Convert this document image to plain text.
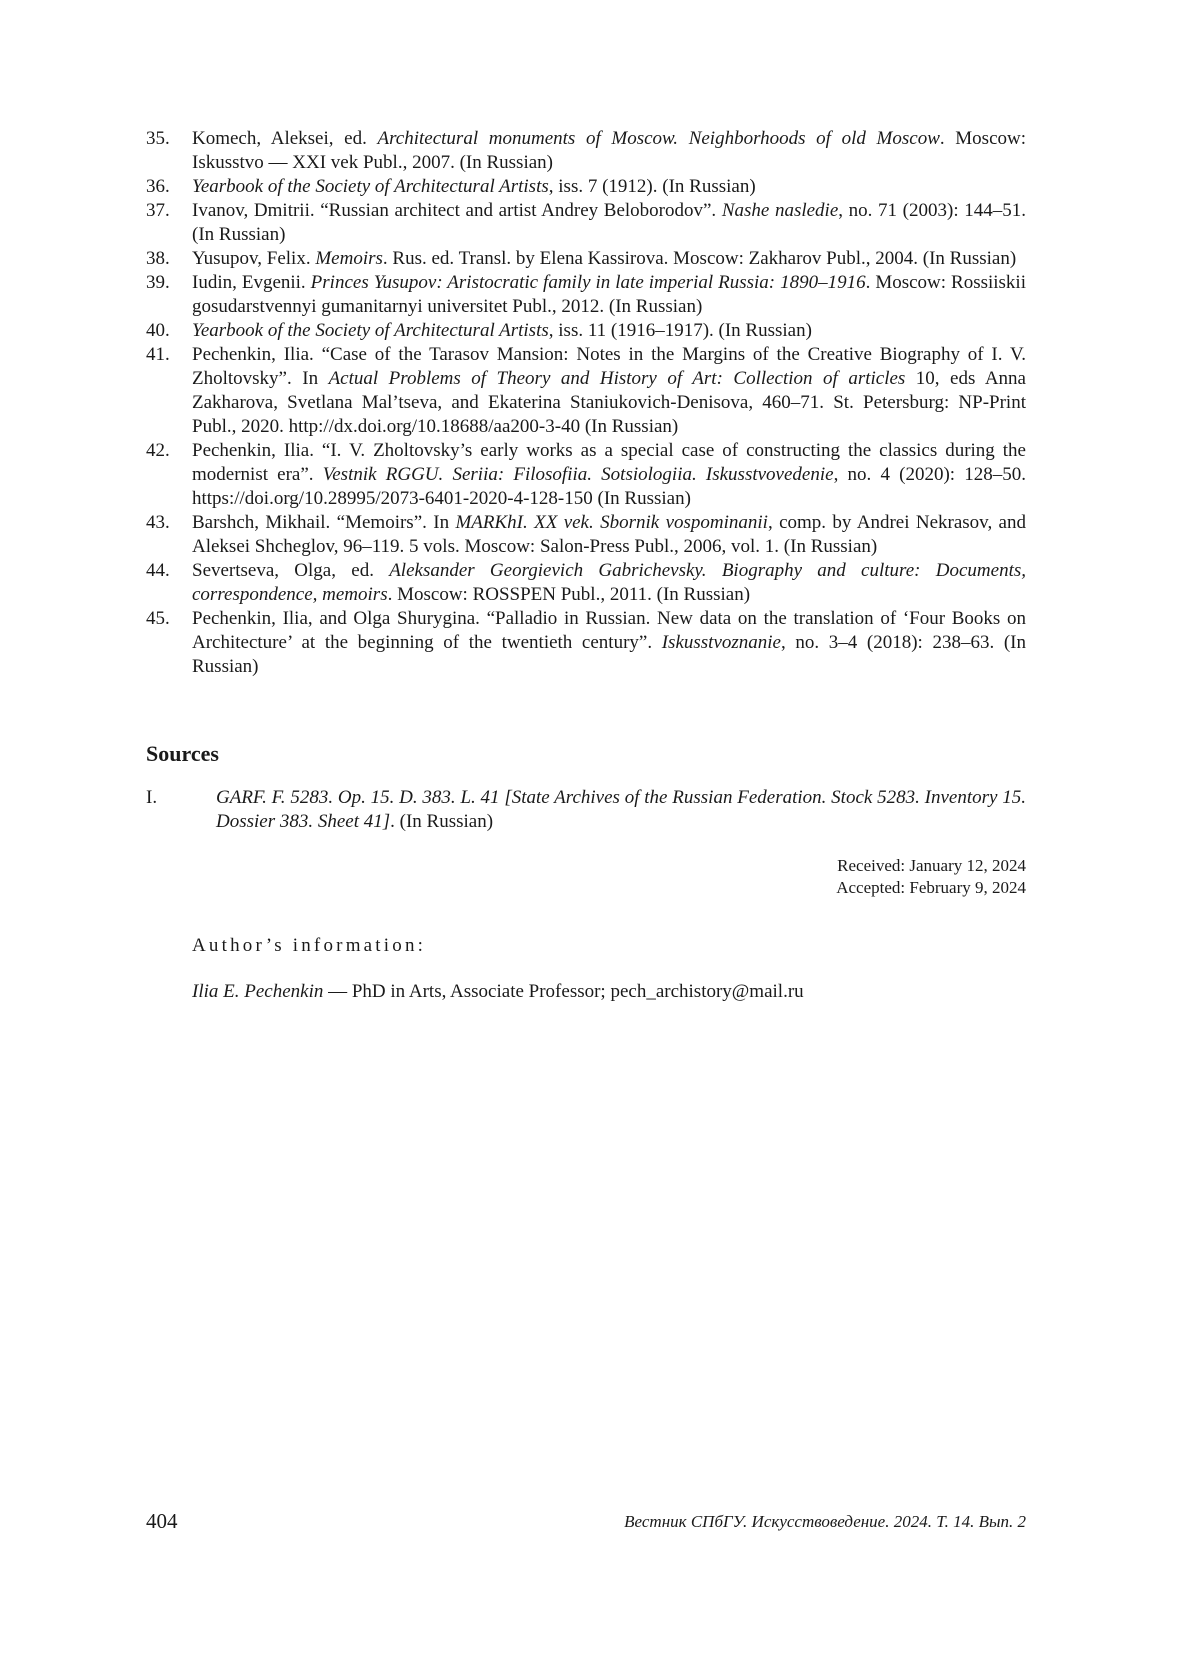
35. Komech, Aleksei, ed. Architectural monuments of Moscow. Neighborhoods of old Moscow. Moscow: Iskusstvo — XXI vek Publ., 2007. (In Russian)
36. Yearbook of the Society of Architectural Artists, iss. 7 (1912). (In Russian)
37. Ivanov, Dmitrii. “Russian architect and artist Andrey Beloborodov”. Nashe nasledie, no. 71 (2003): 144–51. (In Russian)
38. Yusupov, Felix. Memoirs. Rus. ed. Transl. by Elena Kassirova. Moscow: Zakharov Publ., 2004. (In Russian)
39. Iudin, Evgenii. Princes Yusupov: Aristocratic family in late imperial Russia: 1890–1916. Moscow: Rossiiskii gosudarstvennyi gumanitarnyi universitet Publ., 2012. (In Russian)
40. Yearbook of the Society of Architectural Artists, iss. 11 (1916–1917). (In Russian)
41. Pechenkin, Ilia. “Case of the Tarasov Mansion: Notes in the Margins of the Creative Biography of I. V. Zholtovsky”. In Actual Problems of Theory and History of Art: Collection of articles 10, eds Anna Zakharova, Svetlana Mal’tseva, and Ekaterina Staniukovich-Denisova, 460–71. St. Petersburg: NP-Print Publ., 2020. http://dx.doi.org/10.18688/aa200-3-40 (In Russian)
42. Pechenkin, Ilia. “I. V. Zholtovsky’s early works as a special case of constructing the classics during the modernist era”. Vestnik RGGU. Seriia: Filosofiia. Sotsiologiia. Iskusstvovedenie, no. 4 (2020): 128–50. https://doi.org/10.28995/2073-6401-2020-4-128-150 (In Russian)
43. Barshch, Mikhail. “Memoirs”. In MARKhI. XX vek. Sbornik vospominanii, comp. by Andrei Nekrasov, and Aleksei Shcheglov, 96–119. 5 vols. Moscow: Salon-Press Publ., 2006, vol. 1. (In Russian)
44. Severtseva, Olga, ed. Aleksander Georgievich Gabrichevsky. Biography and culture: Documents, correspondence, memoirs. Moscow: ROSSPEN Publ., 2011. (In Russian)
45. Pechenkin, Ilia, and Olga Shurygina. “Palladio in Russian. New data on the translation of ‘Four Books on Architecture’ at the beginning of the twentieth century”. Iskusstvoznanie, no. 3–4 (2018): 238–63. (In Russian)
Sources
I.	GARF. F. 5283. Op. 15. D. 383. L. 41 [State Archives of the Russian Federation. Stock 5283. Inventory 15. Dossier 383. Sheet 41]. (In Russian)
Received: January 12, 2024
Accepted: February 9, 2024
Author’s information:
Ilia E. Pechenkin — PhD in Arts, Associate Professor; pech_archistory@mail.ru
404	Вестник СПбГУ. Искусствоведение. 2024. Т. 14. Вып. 2
